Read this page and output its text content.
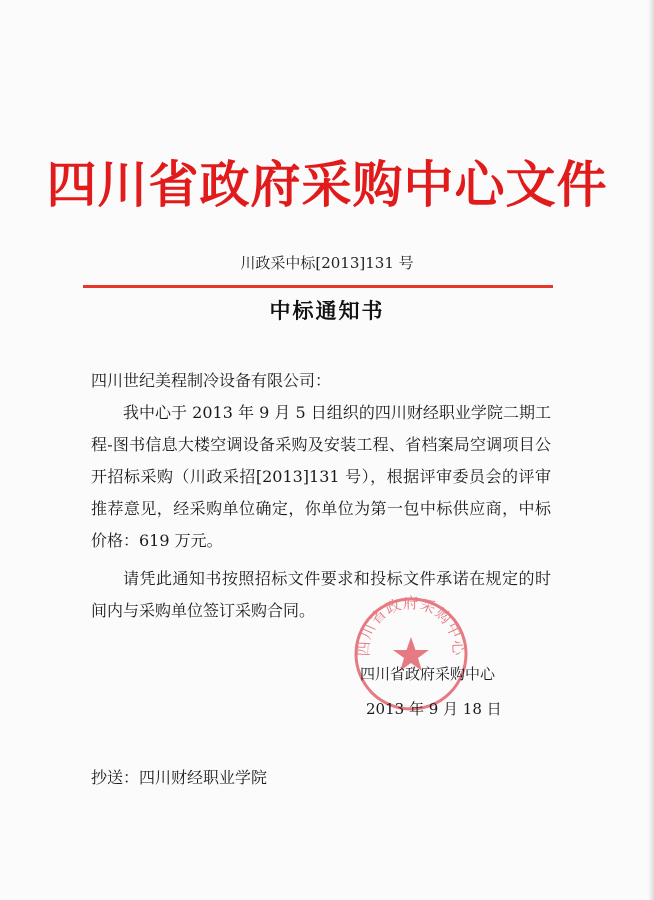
四川省政府采购中心文件
川政采中标[2013]131 号
中标通知书
四川世纪美程制冷设备有限公司：
我中心于 2013 年 9 月 5 日组织的四川财经职业学院二期工程-图书信息大楼空调设备采购及安装工程、省档案局空调项目公开招标采购（川政采招[2013]131 号），根据评审委员会的评审推荐意见，经采购单位确定，你单位为第一包中标供应商，中标价格：619 万元。
请凭此通知书按照招标文件要求和投标文件承诺在规定的时间内与采购单位签订采购合同。
四川省政府采购中心
四川省政府采购中心
2013 年 9 月 18 日
抄送：四川财经职业学院
